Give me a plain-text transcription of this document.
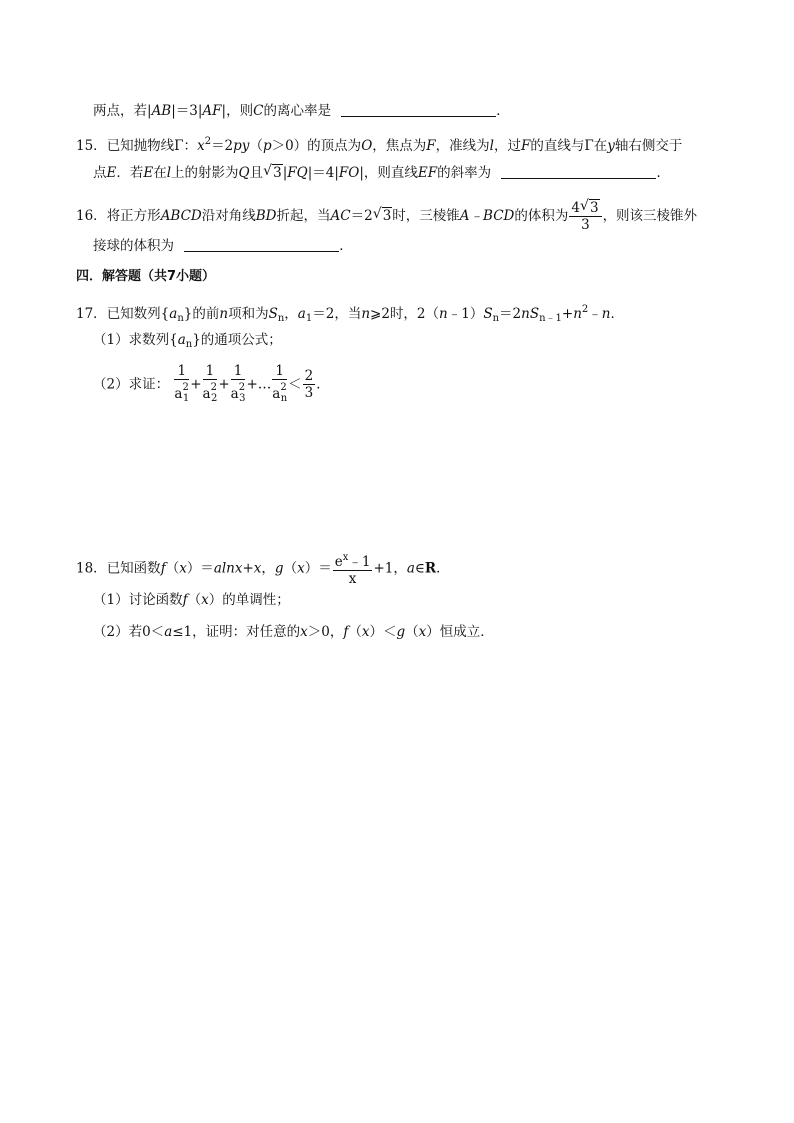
两点，若|AB|＝3|AF|，则C的离心率是	．
15．已知抛物线Γ：$x^2=2py(p>0)$的顶点为O，焦点为F，准线为l，过F的直线与Γ在y轴右侧交于
点E．若E在l上的射影为Q且 √ 3|FQ|＝4|FO|，则直线EF的斜率为	．
16．将正方形ABCD沿对角线BD折起，当AC＝2 √ 3时，三棱锥A﹣BCD的体积为 $\frac{4 √ 3}{3}$ ，则该三棱锥外
接球的体积为	．
四．解答题（共7小题）
17．已知数列$\{a_n\}$的前n项和为$S_n$，$a_1=2$，当n⩾2时，$2(n﹣1)S_n=2nS_{n﹣1}+n^2﹣n$．
（1）求数列$\{a_n\}$的通项公式；
（2）求证： $\frac{1}{a^2_1} + \frac{1}{a^2_2} + \frac{1}{a^2_3}$ +… $\frac{1}{a^2_n} < \frac{2}{3}$ ．
18．已知函数f（x）＝alnx+x，$g(x)= \frac{e^x﹣1}{x} +1$，a∈R．
（1）讨论函数f（x）的单调性；
（2）若0＜a≤1，证明：对任意的x＞0，f（x）＜g（x）恒成立．
